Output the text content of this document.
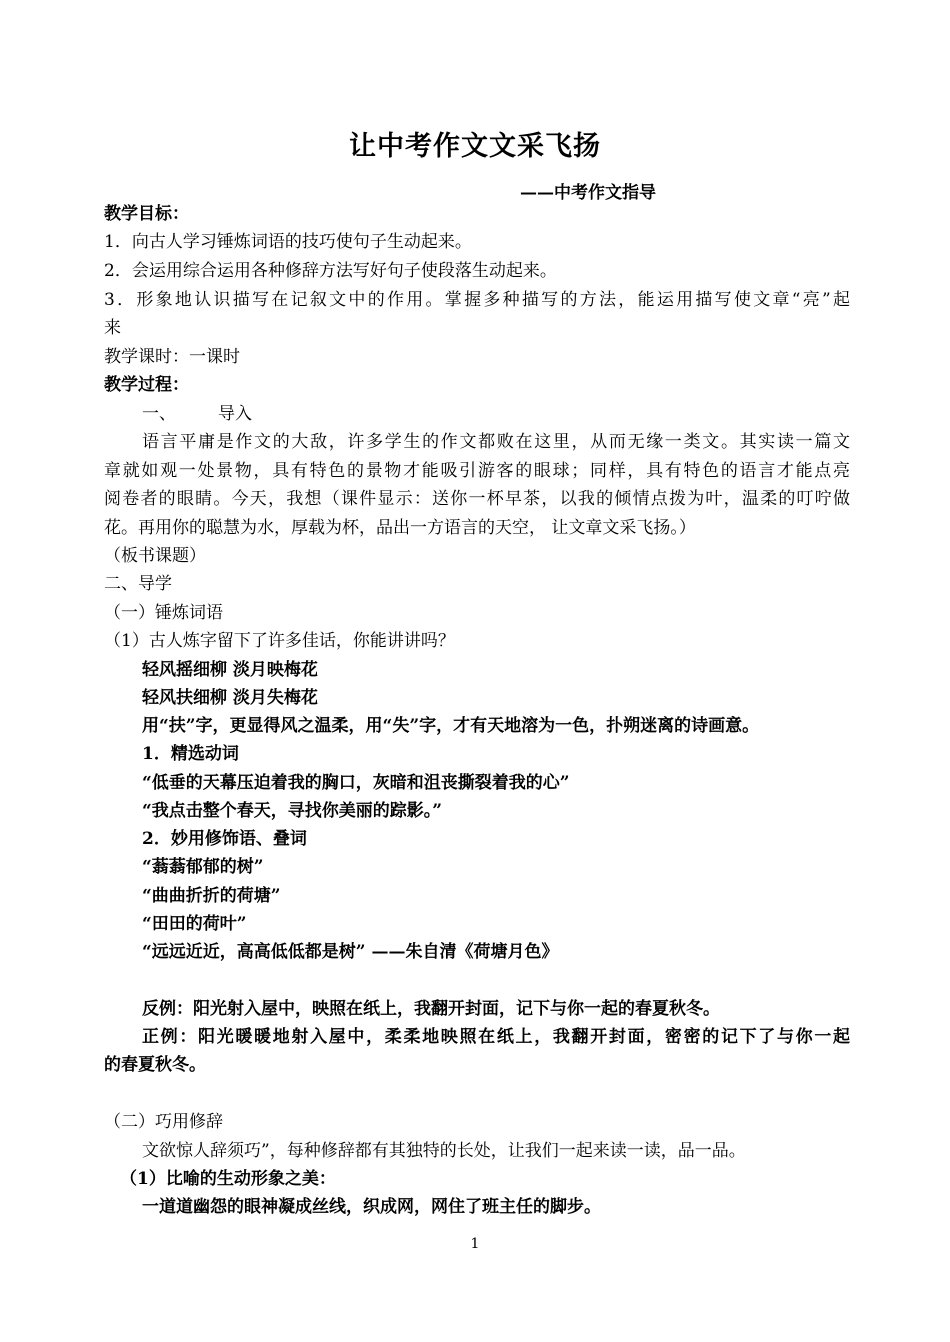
让中考作文文采飞扬
——中考作文指导
教学目标：
1．向古人学习锤炼词语的技巧使句子生动起来。
2．会运用综合运用各种修辞方法写好句子使段落生动起来。
3．形象地认识描写在记叙文中的作用。掌握多种描写的方法，能运用描写使文章“亮”起
来
教学课时：一课时
教学过程：
一、 导入
语言平庸是作文的大敌，许多学生的作文都败在这里，从而无缘一类文。其实读一篇文
章就如观一处景物，具有特色的景物才能吸引游客的眼球；同样，具有特色的语言才能点亮
阅卷者的眼睛。今天，我想（课件显示：送你一杯早茶，以我的倾情点拨为叶，温柔的叮咛做
花。再用你的聪慧为水，厚载为杯，品出一方语言的天空， 让文章文采飞扬。）
（板书课题）
二、导学
（一）锤炼词语
（1）古人炼字留下了许多佳话，你能讲讲吗？
轻风摇细柳 淡月映梅花
轻风扶细柳 淡月失梅花
用“扶”字，更显得风之温柔，用“失”字，才有天地溶为一色，扑朔迷离的诗画意。
1．精选动词
“低垂的天幕压迫着我的胸口，灰暗和沮丧撕裂着我的心”
“我点击整个春天，寻找你美丽的踪影。”
2．妙用修饰语、叠词
“蓊蓊郁郁的树”
“曲曲折折的荷塘”
“田田的荷叶”
“远远近近，高高低低都是树” ——朱自清《荷塘月色》
反例：阳光射入屋中，映照在纸上，我翻开封面，记下与你一起的春夏秋冬。
正例：阳光暖暖地射入屋中，柔柔地映照在纸上，我翻开封面，密密的记下了与你一起
的春夏秋冬。
（二）巧用修辞
文欲惊人辞须巧”，每种修辞都有其独特的长处，让我们一起来读一读，品一品。
（1）比喻的生动形象之美：
一道道幽怨的眼神凝成丝线，织成网，网住了班主任的脚步。
1
